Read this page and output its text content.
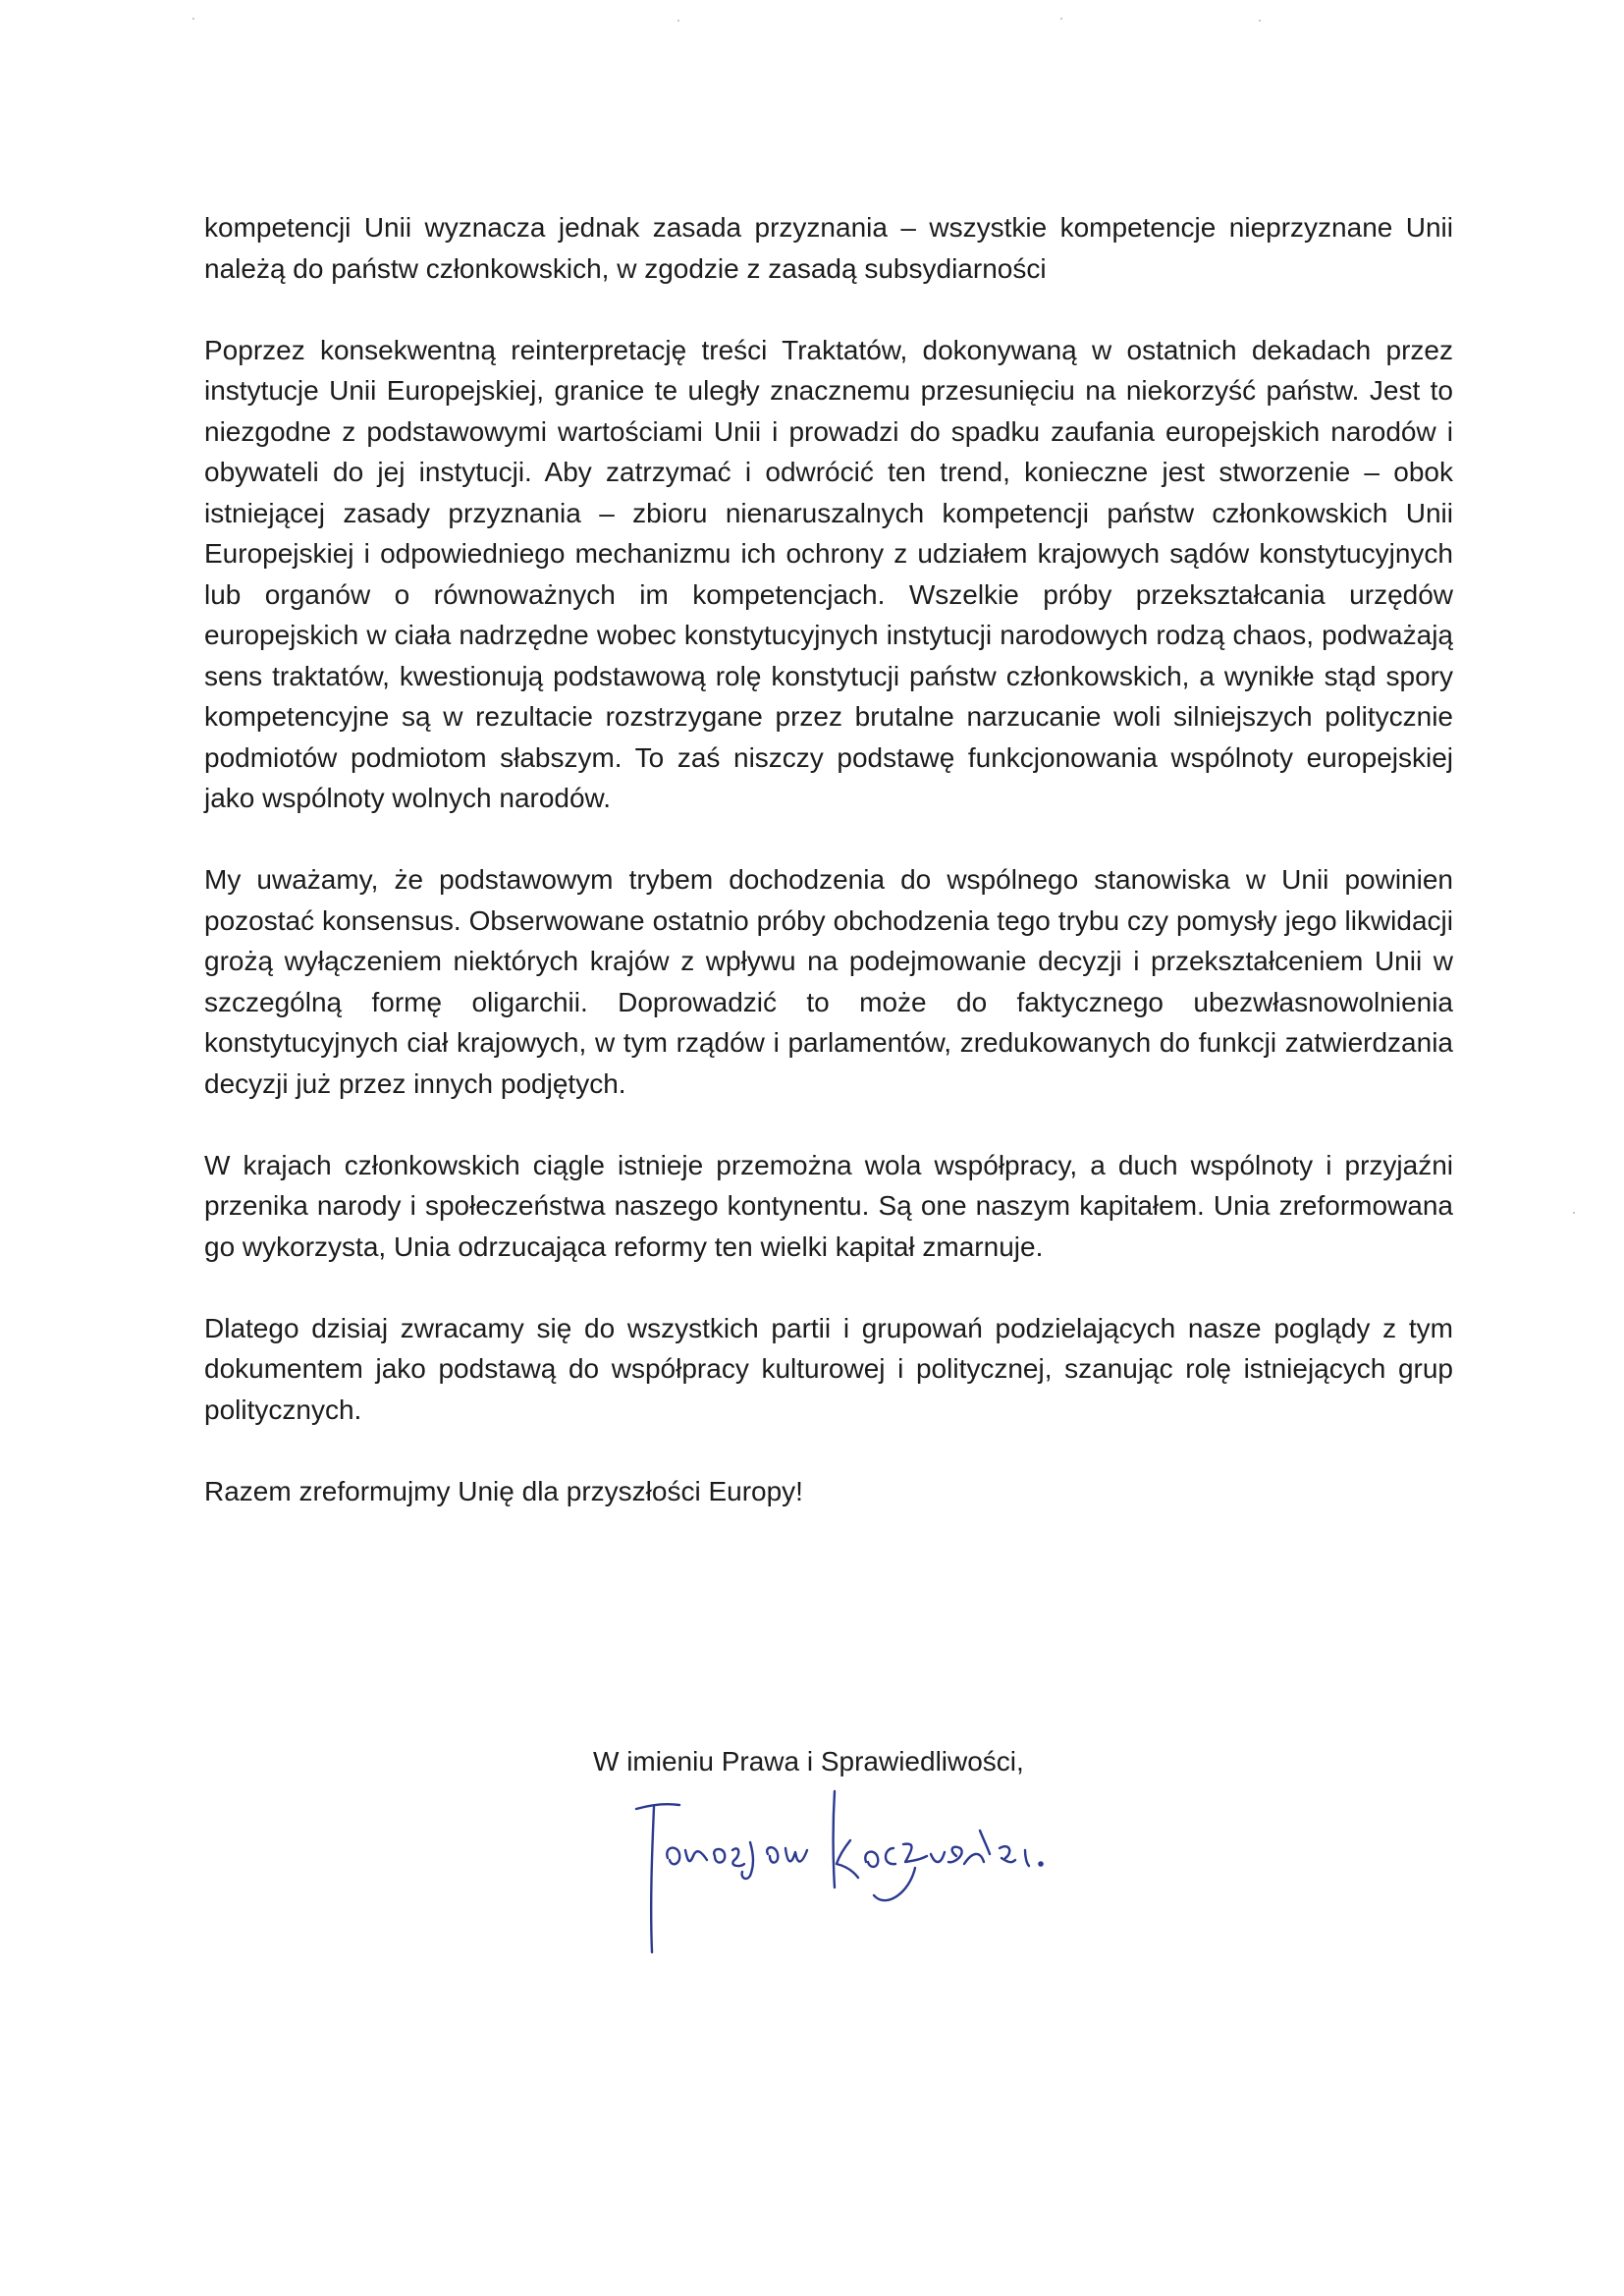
kompetencji Unii wyznacza jednak zasada przyznania – wszystkie kompetencje nieprzyznane Unii należą do państw członkowskich, w zgodzie z zasadą subsydiarności

Poprzez konsekwentną reinterpretację treści Traktatów, dokonywaną w ostatnich dekadach przez instytucje Unii Europejskiej, granice te uległy znacznemu przesunięciu na niekorzyść państw. Jest to niezgodne z podstawowymi wartościami Unii i prowadzi do spadku zaufania europejskich narodów i obywateli do jej instytucji. Aby zatrzymać i odwrócić ten trend, konieczne jest stworzenie – obok istniejącej zasady przyznania – zbioru nienaruszalnych kompetencji państw członkowskich Unii Europejskiej i odpowiedniego mechanizmu ich ochrony z udziałem krajowych sądów konstytucyjnych lub organów o równoważnych im kompetencjach. Wszelkie próby przekształcania urzędów europejskich w ciała nadrzędne wobec konstytucyjnych instytucji narodowych rodzą chaos, podważają sens traktatów, kwestionują podstawową rolę konstytucji państw członkowskich, a wynikłe stąd spory kompetencyjne są w rezultacie rozstrzygane przez brutalne narzucanie woli silniejszych politycznie podmiotów podmiotom słabszym. To zaś niszczy podstawę funkcjonowania wspólnoty europejskiej jako wspólnoty wolnych narodów.

My uważamy, że podstawowym trybem dochodzenia do wspólnego stanowiska w Unii powinien pozostać konsensus. Obserwowane ostatnio próby obchodzenia tego trybu czy pomysły jego likwidacji grożą wyłączeniem niektórych krajów z wpływu na podejmowanie decyzji i przekształceniem Unii w szczególną formę oligarchii. Doprowadzić to może do faktycznego ubezwłasnowolnienia konstytucyjnych ciał krajowych, w tym rządów i parlamentów, zredukowanych do funkcji zatwierdzania decyzji już przez innych podjętych.

W krajach członkowskich ciągle istnieje przemożna wola współpracy, a duch wspólnoty i przyjaźni przenika narody i społeczeństwa naszego kontynentu. Są one naszym kapitałem. Unia zreformowana go wykorzysta, Unia odrzucająca reformy ten wielki kapitał zmarnuje.

Dlatego dzisiaj zwracamy się do wszystkich partii i grupowań podzielających nasze poglądy z tym dokumentem jako podstawą do współpracy kulturowej i politycznej, szanując rolę istniejących grup politycznych.

Razem zreformujmy Unię dla przyszłości Europy!

W imieniu Prawa i Sprawiedliwości,
